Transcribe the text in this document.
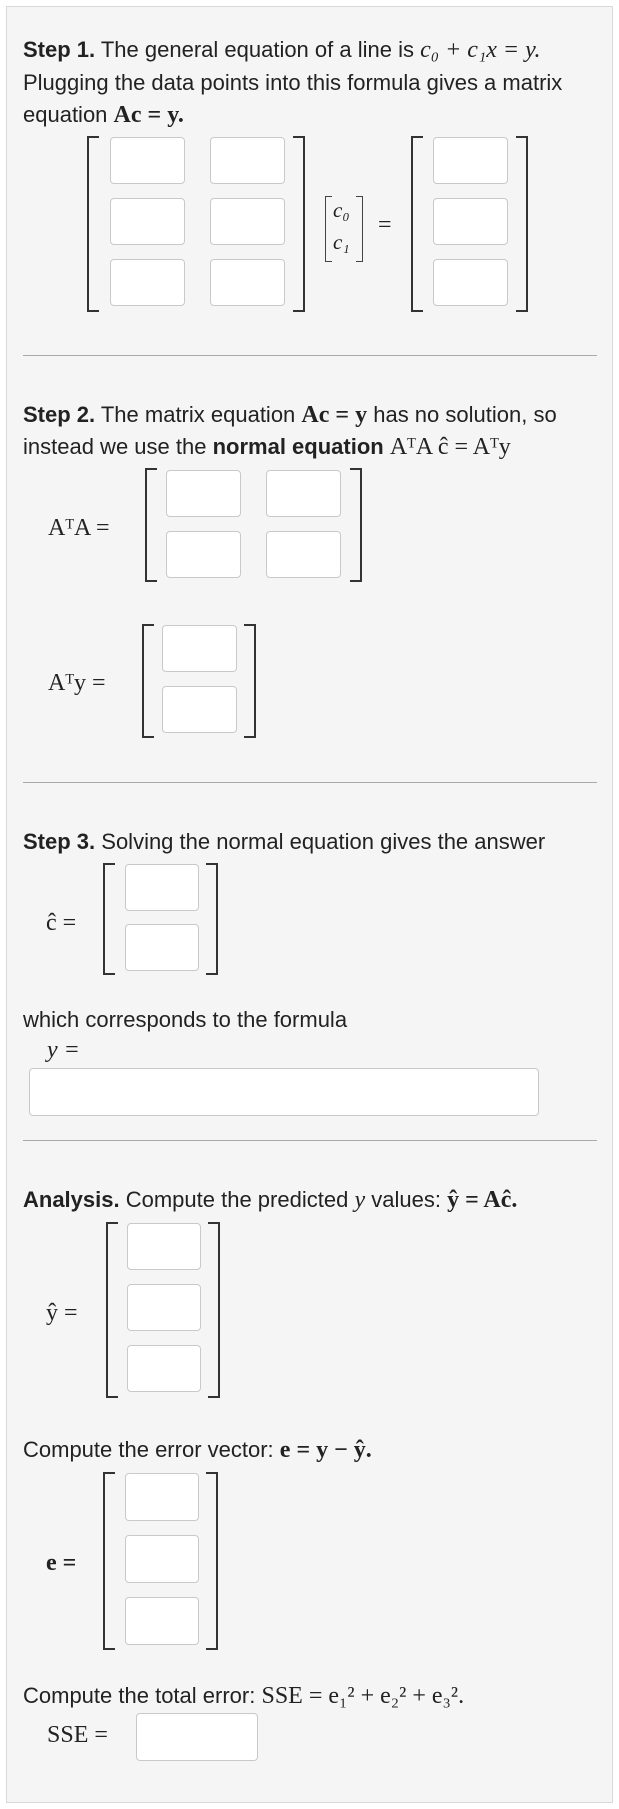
Step 1. The general equation of a line is c₀ + c₁x = y.
Plugging the data points into this formula gives a matrix
equation Ac = y.
c₀
c₁
=
Step 2. The matrix equation Ac = y has no solution, so
instead we use the normal equation AᵀA ĉ = Aᵀy
AᵀA =
Aᵀy =
Step 3. Solving the normal equation gives the answer
ĉ =
which corresponds to the formula
y =
Analysis. Compute the predicted y values: ŷ = Aĉ.
ŷ =
Compute the error vector: e = y − ŷ.
e =
Compute the total error: SSE = e₁² + e₂² + e₃².
SSE =
